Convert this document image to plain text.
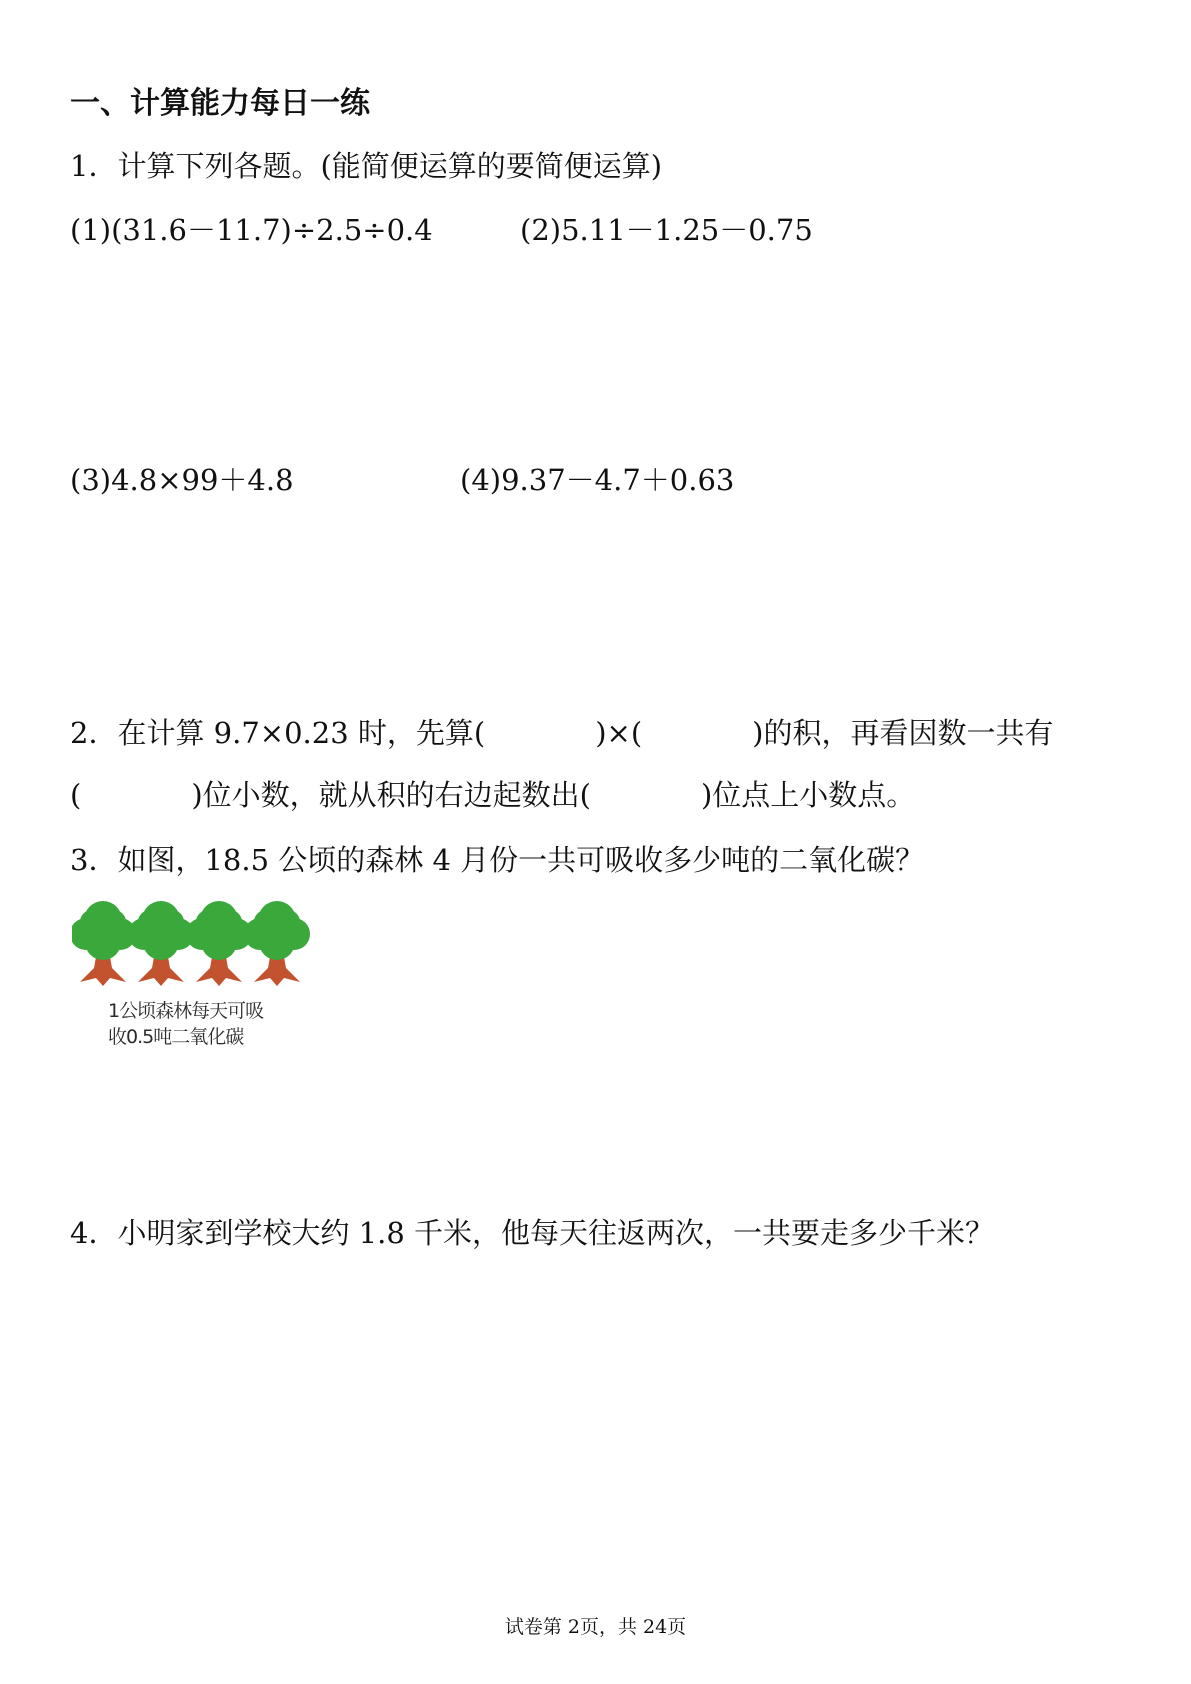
一、计算能力每日一练
1．计算下列各题。(能简便运算的要简便运算)
(1)(31.6－11.7)÷2.5÷0.4	(2)5.11－1.25－0.75
(3)4.8×99＋4.8	(4)9.37－4.7＋0.63
2．在计算 9.7×0.23 时，先算(	)×(	)的积，再看因数一共有
(	)位小数，就从积的右边起数出(	)位点上小数点。
3．如图，18.5 公顷的森林 4 月份一共可吸收多少吨的二氧化碳？
1公顷森林每天可吸
收0.5吨二氧化碳
4．小明家到学校大约 1.8 千米，他每天往返两次，一共要走多少千米？
试卷第 2页，共 24页
